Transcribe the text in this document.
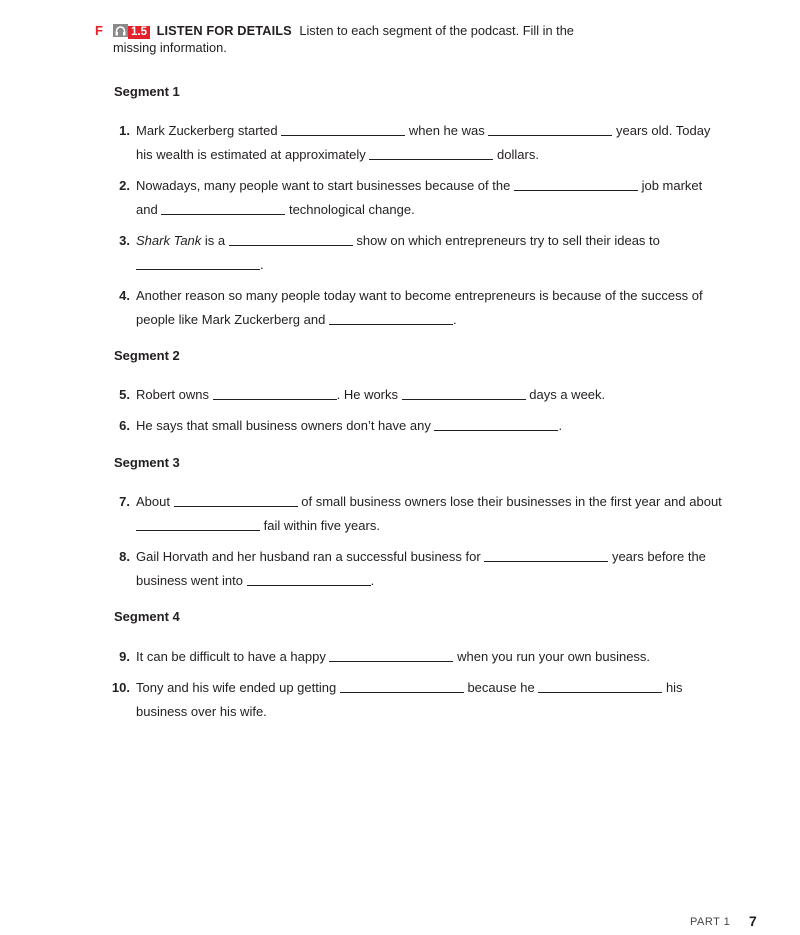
F 1.5 LISTEN FOR DETAILS Listen to each segment of the podcast. Fill in the
missing information.
Segment 1
1. Mark Zuckerberg started	when he was	years old. Today
his wealth is estimated at approximately	dollars.
2. Nowadays, many people want to start businesses because of the	job market
and	technological change.
3. Shark Tank is a	show on which entrepreneurs try to sell their ideas to
.
4. Another reason so many people today want to become entrepreneurs is because of the success of
people like Mark Zuckerberg and	.
Segment 2
5. Robert owns	. He works	days a week.
6. He says that small business owners don’t have any	.
Segment 3
7. About	of small business owners lose their businesses in the first year and about
fail within five years.
8. Gail Horvath and her husband ran a successful business for	years before the
business went into	.
Segment 4
9. It can be difficult to have a happy	when you run your own business.
10. Tony and his wife ended up getting	because he	his
business over his wife.
PART 1 7
